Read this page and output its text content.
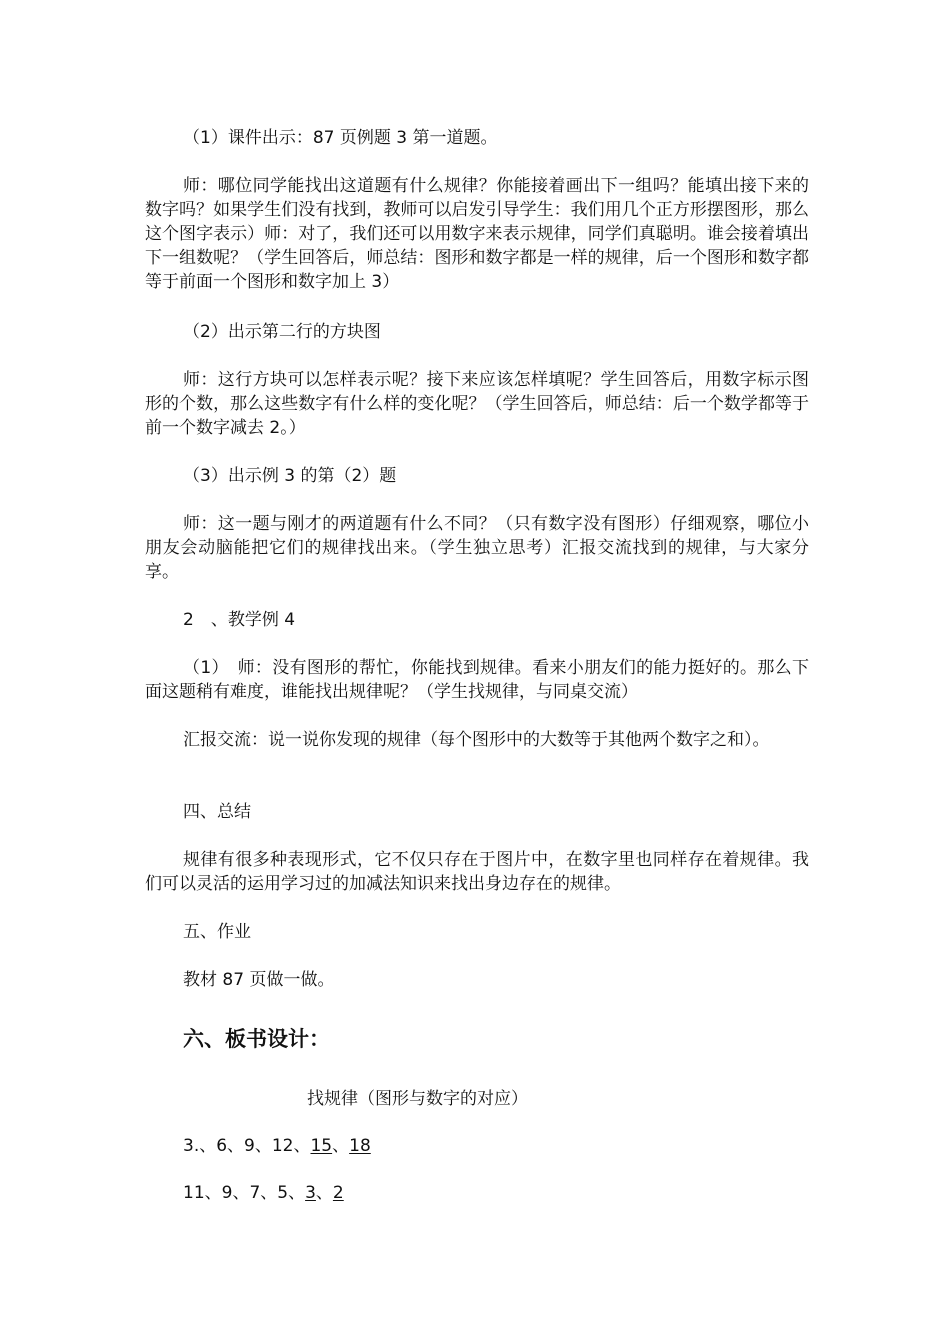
（1）课件出示：87 页例题 3 第一道题。

师：哪位同学能找出这道题有什么规律？你能接着画出下一组吗？能填出接下来的数字吗？如果学生们没有找到，教师可以启发引导学生：我们用几个正方形摆图形，那么这个图字表示）师：对了，我们还可以用数字来表示规律，同学们真聪明。谁会接着填出下一组数呢？（学生回答后，师总结：图形和数字都是一样的规律，后一个图形和数字都等于前面一个图形和数字加上 3）

（2）出示第二行的方块图

师：这行方块可以怎样表示呢？接下来应该怎样填呢？学生回答后，用数字标示图形的个数，那么这些数字有什么样的变化呢？（学生回答后，师总结：后一个数学都等于前一个数字减去 2。）

（3）出示例 3 的第（2）题

师：这一题与刚才的两道题有什么不同？（只有数字没有图形）仔细观察，哪位小朋友会动脑能把它们的规律找出来。（学生独立思考）汇报交流找到的规律，与大家分享。

2　、教学例 4

（1）　师：没有图形的帮忙，你能找到规律。看来小朋友们的能力挺好的。那么下面这题稍有难度，谁能找出规律呢？（学生找规律，与同桌交流）

汇报交流：说一说你发现的规律（每个图形中的大数等于其他两个数字之和）。

四、总结

规律有很多种表现形式，它不仅只存在于图片中，在数字里也同样存在着规律。我们可以灵活的运用学习过的加减法知识来找出身边存在的规律。

五、作业

教材 87 页做一做。

六、板书设计：

找规律（图形与数字的对应）

3.、6、9、12、15、18

11、9、7、5、3、2
